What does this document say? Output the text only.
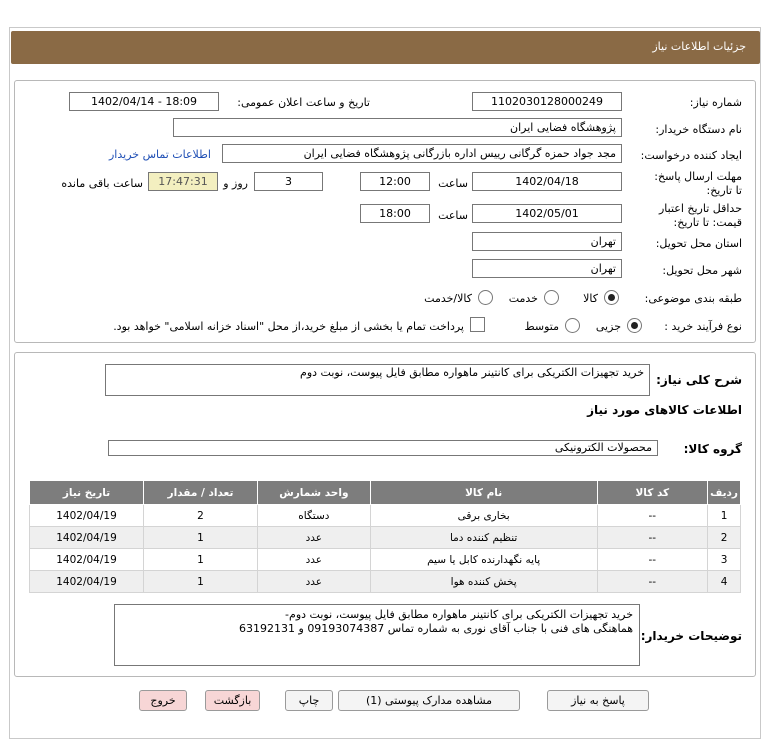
جزئیات اطلاعات نیاز
شماره نیاز:
1102030128000249
تاریخ و ساعت اعلان عمومی:
1402/04/14 - 18:09
نام دستگاه خریدار:
پژوهشگاه فضایی ایران
ایجاد کننده درخواست:
مجد جواد حمزه گرگانی رییس اداره بازرگانی پژوهشگاه فضایی ایران
اطلاعات تماس خریدار
مهلت ارسال پاسخ: تا تاریخ:
1402/04/18
ساعت
12:00
3
روز و
17:47:31
ساعت باقی مانده
حداقل تاریخ اعتبار قیمت: تا تاریخ:
1402/05/01
ساعت
18:00
استان محل تحویل:
تهران
شهر محل تحویل:
تهران
طبقه بندی موضوعی:
کالا
خدمت
کالا/خدمت
نوع فرآیند خرید :
جزیی
متوسط
پرداخت تمام یا بخشی از مبلغ خرید،از محل "اسناد خزانه اسلامی" خواهد بود.
شرح کلی نیاز:
خرید تجهیزات الکتریکی برای کانتینر ماهواره مطابق فایل پیوست، نوبت دوم
اطلاعات کالاهای مورد نیاز
گروه کالا:
محصولات الکترونیکی
ردیف	کد کالا	نام کالا	واحد شمارش	تعداد / مقدار	تاریخ نیاز
1	--	بخاری برقی	دستگاه	2	1402/04/19
2	--	تنظیم کننده دما	عدد	1	1402/04/19
3	--	پایه نگهدارنده کابل یا سیم	عدد	1	1402/04/19
4	--	پخش کننده هوا	عدد	1	1402/04/19
توضیحات خریدار:
خرید تجهیزات الکتریکی برای کانتینر ماهواره مطابق فایل پیوست، نوبت دوم-
هماهنگی های فنی با جناب آقای نوری به شماره تماس 09193074387 و 63192131
پاسخ به نیاز
مشاهده مدارک پیوستی (1)
چاپ
بازگشت
خروج
